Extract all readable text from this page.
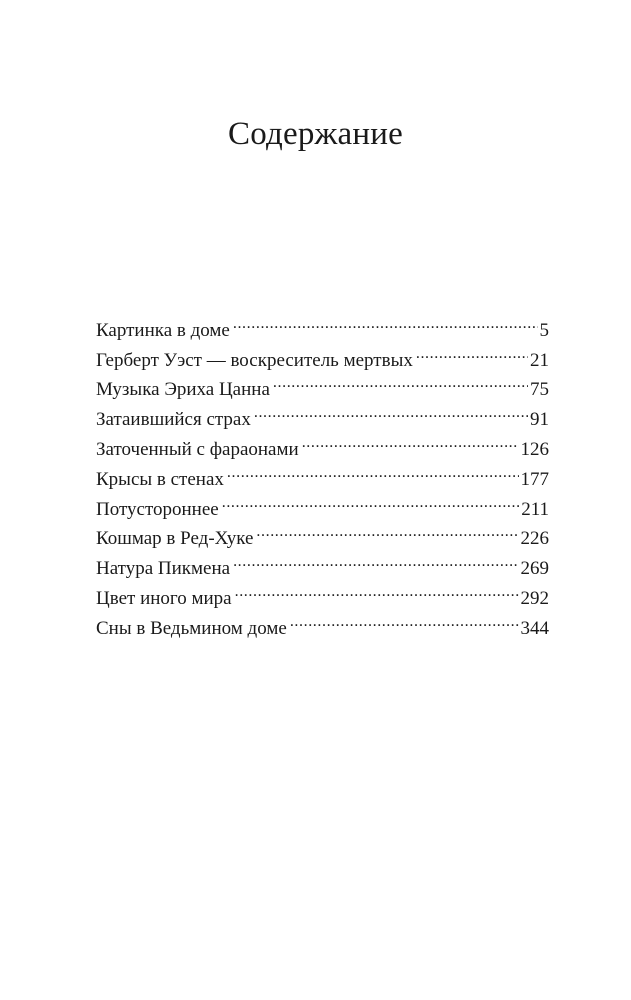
Содержание
Картинка в доме .....	5
Герберт Уэст — воскреситель мертвых .....	21
Музыка Эриха Цанна .....	75
Затаившийся страх .....	91
Заточенный с фараонами .....	126
Крысы в стенах .....	177
Потустороннее .....	211
Кошмар в Ред-Хуке .....	226
Натура Пикмена .....	269
Цвет иного мира .....	292
Сны в Ведьмином доме .....	344
